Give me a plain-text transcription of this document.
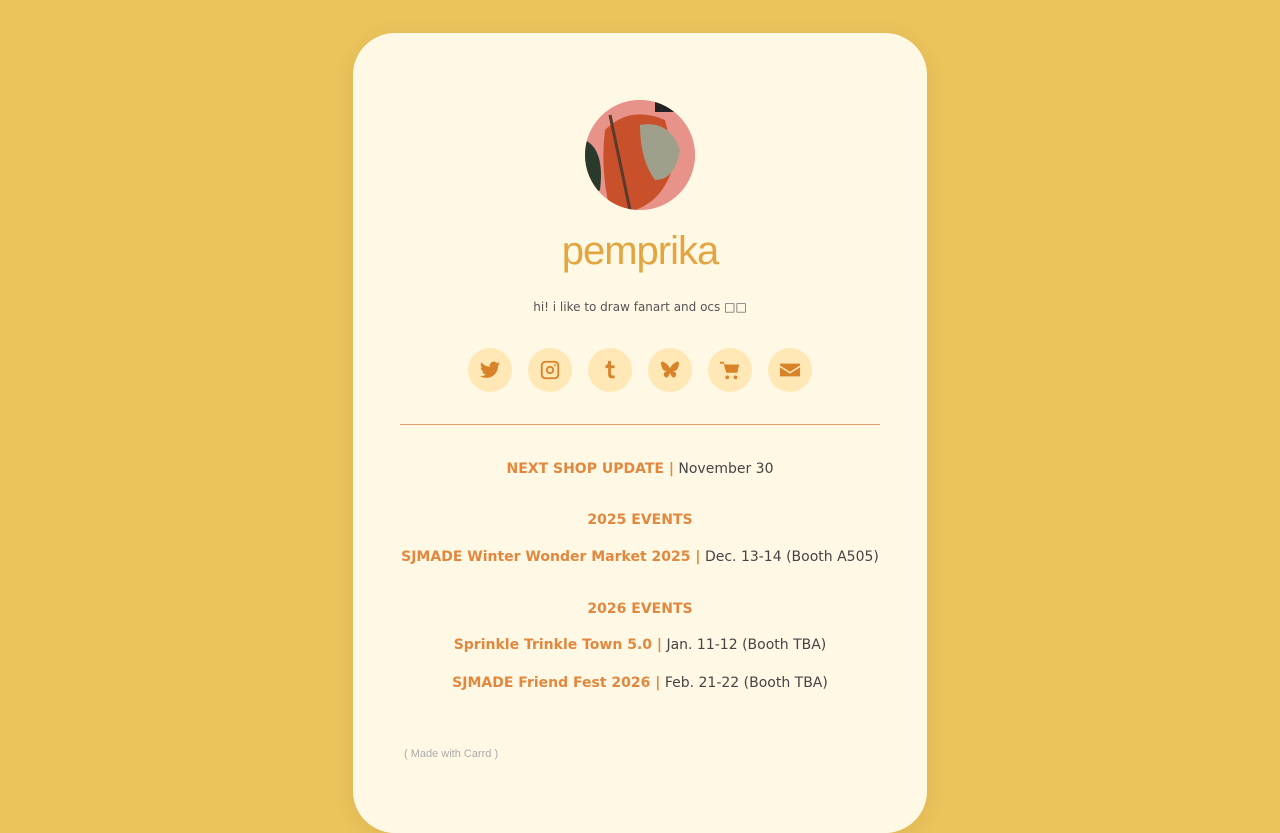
pemprika
hi! i like to draw fanart and ocs □□
NEXT SHOP UPDATE | November 30
2025 EVENTS
SJMADE Winter Wonder Market 2025 | Dec. 13-14 (Booth A505)
2026 EVENTS
Sprinkle Trinkle Town 5.0 | Jan. 11-12 (Booth TBA)
SJMADE Friend Fest 2026 | Feb. 21-22 (Booth TBA)
( Made with Carrd )
